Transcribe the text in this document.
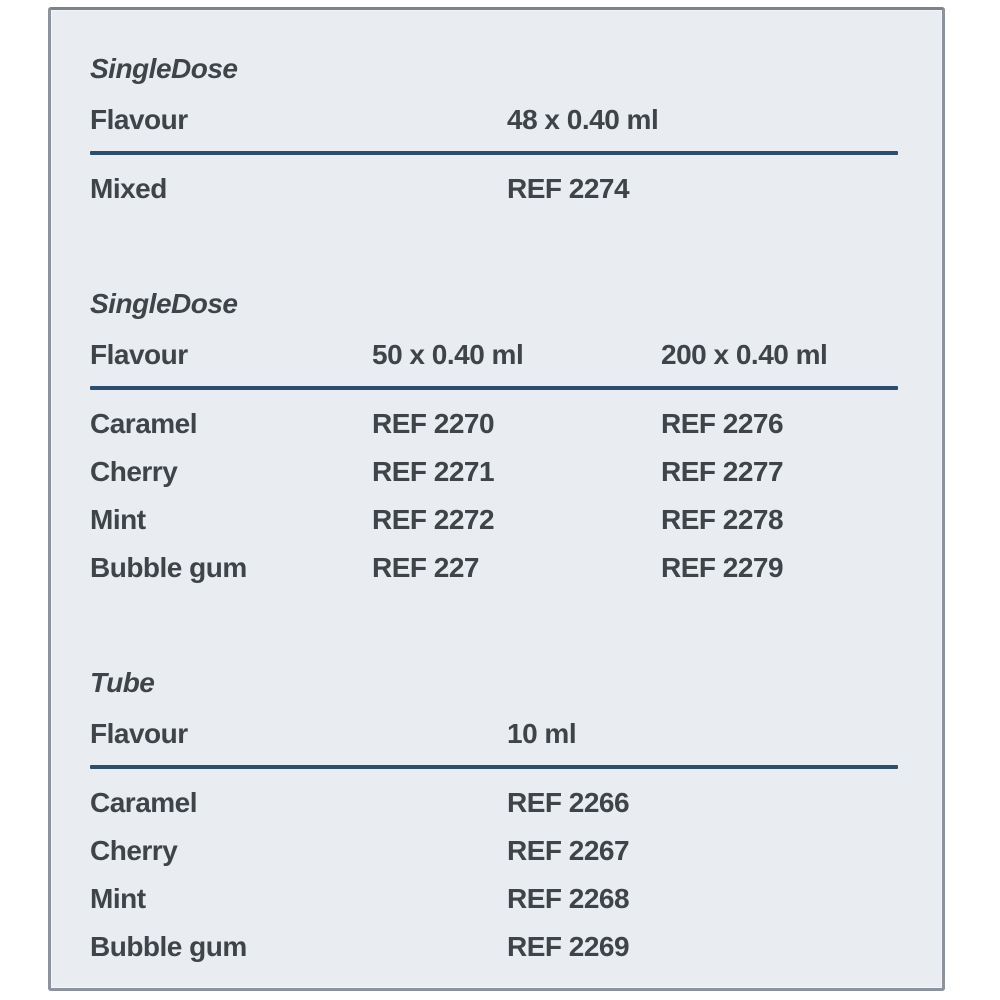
SingleDose
Flavour	48 x 0.40 ml
Mixed	REF 2274
SingleDose
Flavour	50 x 0.40 ml	200 x 0.40 ml
Caramel	REF 2270	REF 2276
Cherry	REF 2271	REF 2277
Mint	REF 2272	REF 2278
Bubble gum	REF 227	REF 2279
Tube
Flavour	10 ml
Caramel	REF 2266
Cherry	REF 2267
Mint	REF 2268
Bubble gum	REF 2269
